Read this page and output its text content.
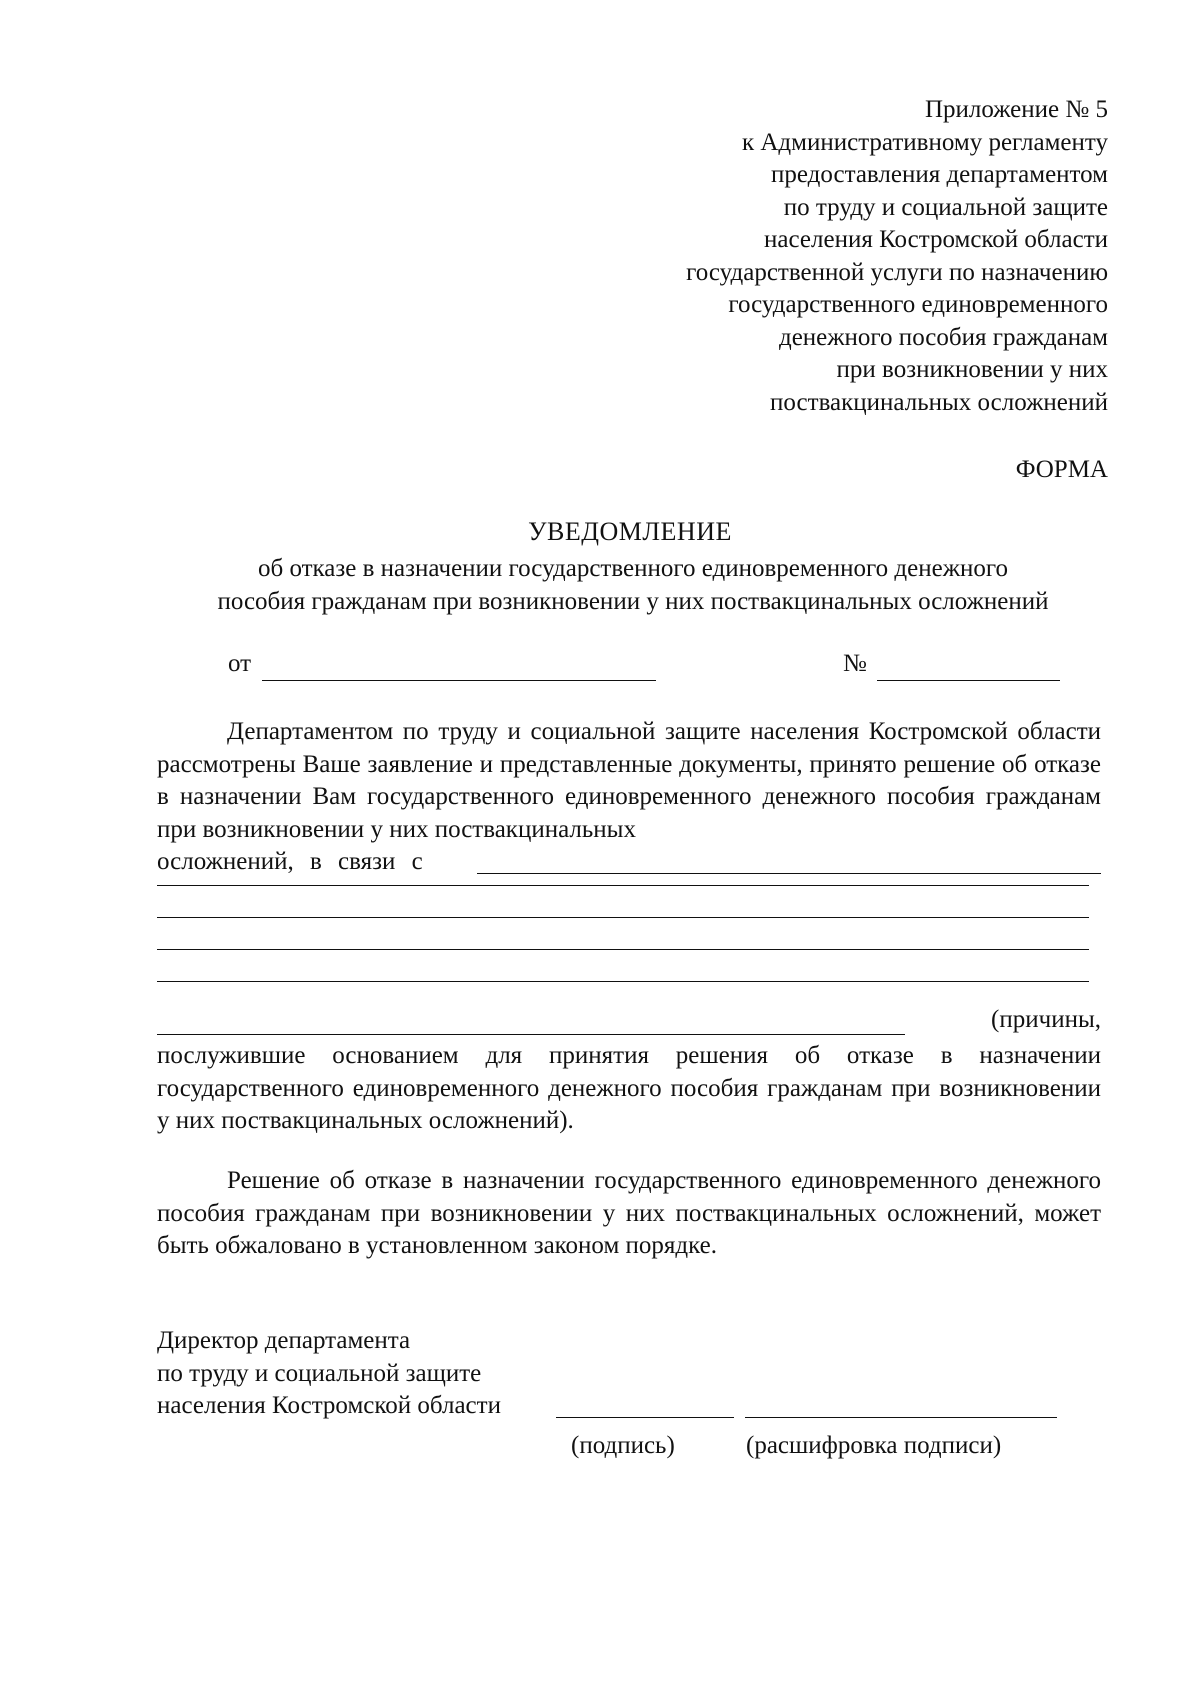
Приложение № 5
к Административному регламенту
предоставления департаментом
по труду и социальной защите
населения Костромской области
государственной услуги по назначению
государственного единовременного
денежного пособия гражданам
при возникновении у них
поствакцинальных осложнений
ФОРМА
УВЕДОМЛЕНИЕ
об отказе в назначении государственного единовременного денежного
пособия гражданам при возникновении у них поствакцинальных осложнений
от	№
Департаментом по труду и социальной защите населения Костромской области рассмотрены Ваше заявление и представленные документы, принято решение об отказе в назначении Вам государственного единовременного денежного пособия гражданам при возникновении у них поствакцинальных
осложнений, в связи с
(причины,
послужившие основанием для принятия решения об отказе в назначении государственного единовременного денежного пособия гражданам при возникновении у них поствакцинальных осложнений).
Решение об отказе в назначении государственного единовременного денежного пособия гражданам при возникновении у них поствакцинальных осложнений, может быть обжаловано в установленном законом порядке.
Директор департамента
по труду и социальной защите
населения Костромской области
(подпись)	(расшифровка подписи)
